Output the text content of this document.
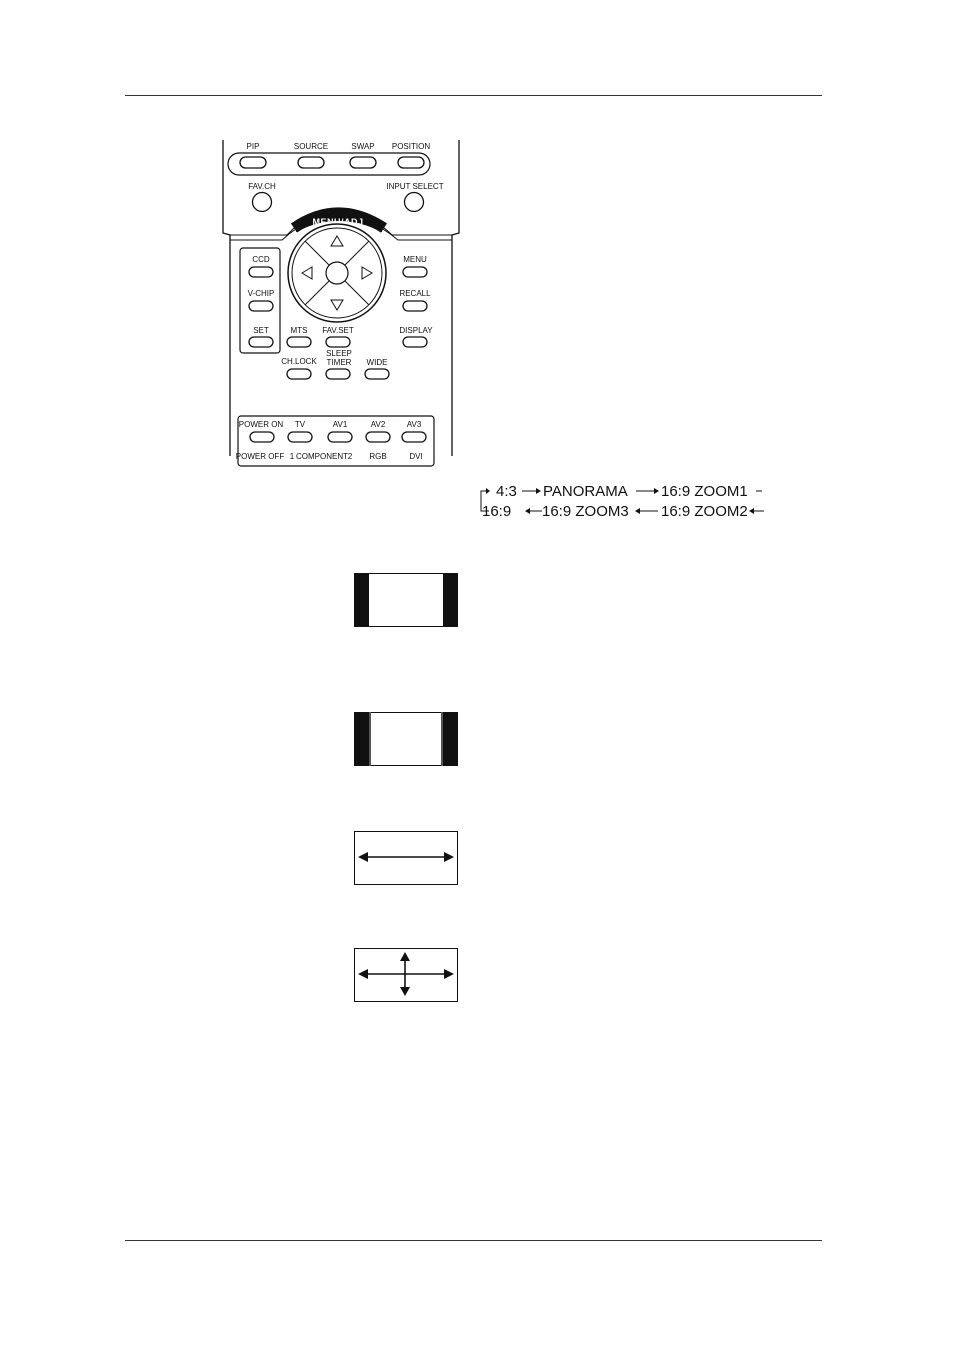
PIP	SOURCE	SWAP POSITION
FAV.CH	INPUT SELECT
MENU/ADJ
CCD
V-CHIP
SET
MENU
RECALL
DISPLAY
MTS FAV.SET
CH.LOCK
SLEEP
TIMER WIDE
POWER ON TV	AV1	AV2	AV3
POWER OFF 1 COMPONENT 2 RGB	DVI
4:3 PANORAMA 16:9 ZOOM1
16:9 16:9 ZOOM3 16:9 ZOOM2
